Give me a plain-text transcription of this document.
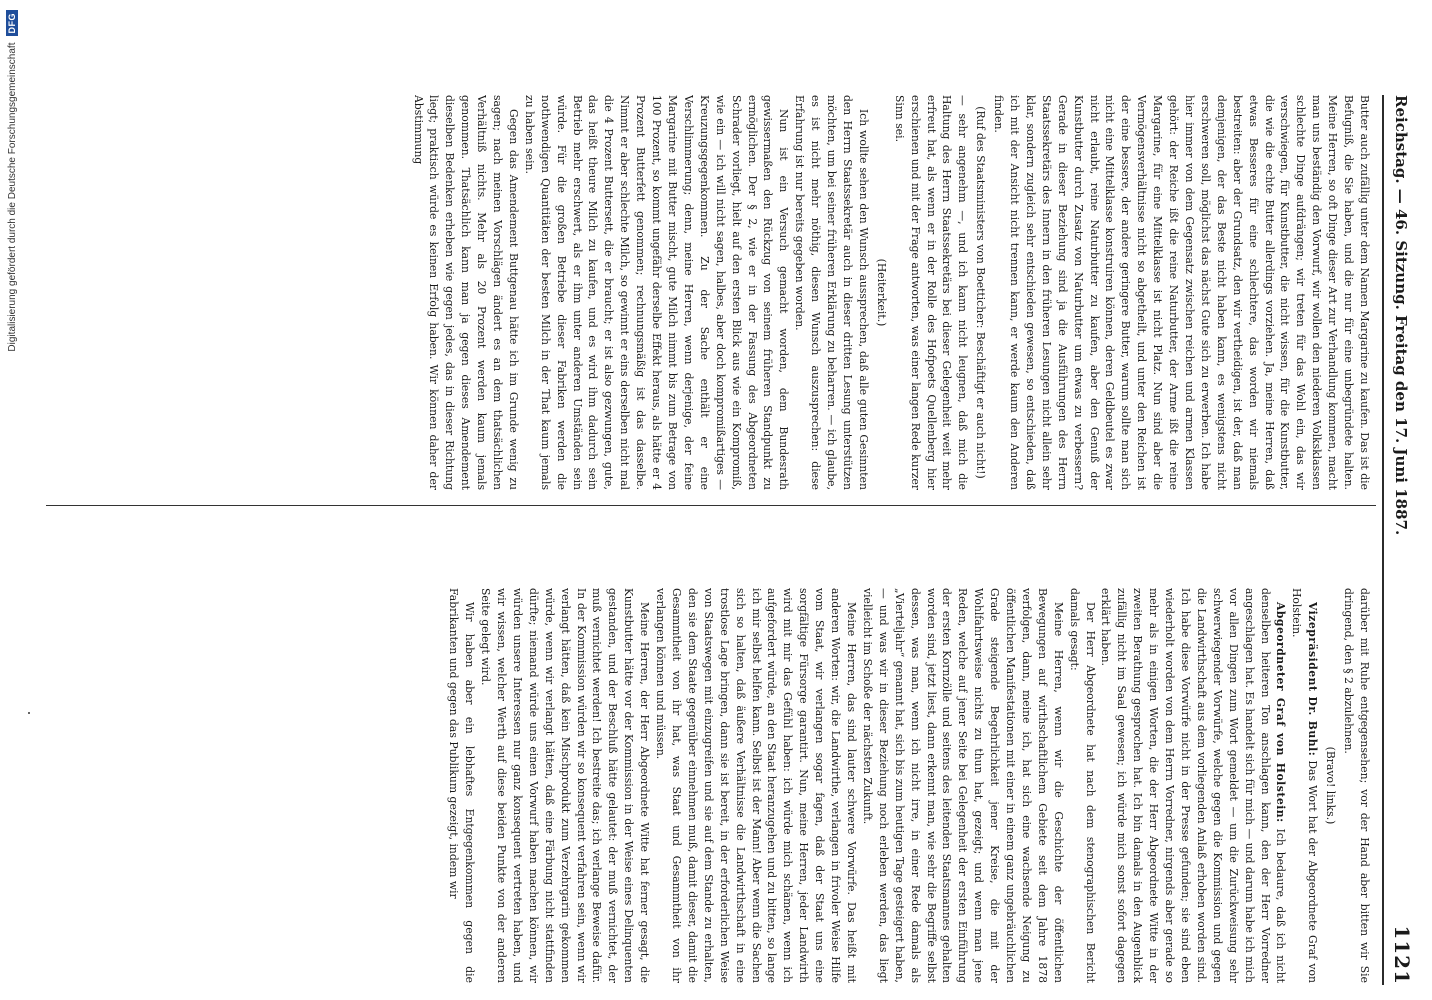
Digitalisierung gefördert durch die Deutsche Forschungsgemeinschaft
DFG
Reichstag. — 46. Sitzung. Freitag den 17. Juni 1887.
1121

Butter auch zufällig unter dem Namen Margarine zu kaufen. Das ist die Befugniß, die Sie haben, und die nur für eine unbegründete halten. Meine Herren, so oft Dinge dieser Art zur Verhandlung kommen, macht man uns beständig den Vorwurf, wir wollen den niederen Volksklassen schlechte Dinge aufdrängen; wir treten für das Wohl ein, das wir verschwiegen, für Kunstbutter, die nicht wissen, für die Kunstbutter, die wie die echte Butter allerdings vorziehen. Ja, meine Herren, daß etwas Besseres für eine schlechtere, das worden wir niemals bestreiten: aber der Grundsatz, den wir vertheidigen, ist der, daß man demjenigen, der das Beste nicht haben kann, es wenigstens nicht erschweren soll, möglichst das nächst Gute sich zu erwerben. Ich habe hier immer von dem Gegensatz zwischen reichen und armen Klassen gehört: der Reiche ißt die reine Naturbutter, der Arme ißt die reine Margarine, für eine Mittelklasse ist nicht Platz. Nun sind aber die Vermögensverhältnisse nicht so abgetheilt, und unter den Reichen ist der eine bessere, der andere geringere Butter, warum sollte man sich nicht eine Mittelklasse konstruiren können, deren Geldbeutel es zwar nicht erlaubt, reine Naturbutter zu kaufen, aber den Genuß der Kunstbutter durch Zusatz von Naturbutter um etwas zu verbessern? Gerade in dieser Beziehung sind ja die Ausführungen des Herrn Staatssekretärs des Innern in den früheren Lesungen nicht allein sehr klar, sondern zugleich sehr entschieden gewesen, so entschieden, daß ich mit der Ansicht nicht trennen kann, er werde kaum den Anderen finden.

(Ruf des Staatsministers von Boetticher: Beschäftigt er auch nicht!)

— sehr angenehm —, und ich kann nicht leugnen, daß mich die Haltung des Herrn Staatssekretärs bei dieser Gelegenheit weit mehr erfreut hat, als wenn er in der Rolle des Hofpoets Quellenberg hier erschienen und mit der Frage antworten, was einer langen Rede kurzer Sinn sei.

(Heiterkeit.)

Ich wollte sehen den Wunsch aussprechen, daß alle guten Gesinnten den Herrn Staatssekretär auch in dieser dritten Lesung unterstützen möchten, um bei seiner früheren Erklärung zu beharren. — ich glaube, es ist nicht mehr nöthig, diesen Wunsch auszusprechen: diese Erfahrung ist nur bereits gegeben worden.

Nun ist ein Versuch gemacht worden, dem Bundesrath gewissermaßen den Rückzug von seinem früheren Standpunkt zu ermöglichen. Der § 2, wie er in der Fassung des Abgeordneten Schrader vorliegt, hielt auf den ersten Blick aus wie ein Kompromiß, wie ein — ich will nicht sagen, halbes, aber doch kompromißartiges — Kreuzungsgegenkommen. Zu der Sache enthält er eine Verschlimmerung; denn, meine Herren, wenn derjenige, der feine Margarine mit Butter mischt, gute Milch nimmt bis zum Betrage von 100 Prozent, so kommt ungefähr derselbe Effekt heraus, als hätte er 4 Prozent Butterfett genommen; rechnungsmäßig ist das dasselbe. Nimmt er aber schlechte Milch, so gewinnt er eins derselben nicht mal die 4 Prozent Buttersett, die er braucht; er ist also gezwungen, gute, das heißt theure Milch zu kaufen, und es wird ihm dadurch sein Betrieb mehr erschwert, als er ihm unter anderen Umständen sein würde. Für die großen Betriebe dieser Fabriken werden die nothwendigen Quantitäten der besten Milch in der That kaum jemals zu haben sein.

Gegen das Amendement Buttgenau hätte ich im Grunde wenig zu sagen; nach meinen Vorschlägen ändert es an dem thatsächlichen Verhältniß nichts. Mehr als 20 Prozent werden kaum jemals genommen. Thatsächlich kann man ja gegen dieses Amendement dieselben Bedenken erheben wie gegen jedes, das in dieser Richtung liegt; praktisch würde es keinen Erfolg haben. Wir können daher der Abstimmung

darüber mit Ruhe entgegensehen; vor der Hand aber bitten wir Sie dringend, den § 2 abzulehnen.

(Bravo! links.)

Vizepräsident Dr. Buhl: Das Wort hat der Abgeordnete Graf von Holstein.

Abgeordneter Graf von Holstein: Ich bedaure, daß ich nicht denselben heiteren Ton anschlagen kann, den der Herr Vorredner angeschlagen hat. Es handelt sich für mich — und darum habe ich mich vor allen Dingen zum Wort gemeldet — um die Zurückweisung sehr schwerwiegender Vorwürfe, welche gegen die Kommission und gegen die Landwirthschaft aus dem vorliegenden Anlaß erhoben worden sind. Ich habe diese Vorwürfe nicht in der Presse gefunden; sie sind eben wiederholt worden von dem Herrn Vorredner, nirgends aber gerade so mehr als in einigen Worten, die der Herr Abgeordnete Witte in der zweiten Berathung gesprochen hat. Ich bin damals in den Augenblick zufällig nicht im Saal gewesen; ich würde mich sonst sofort dagegen erklärt haben.

Der Herr Abgeordnete hat nach dem stenographischen Bericht damals gesagt:

Meine Herren, wenn wir die Geschichte der öffentlichen Bewegungen auf wirthschaftlichem Gebiete seit dem Jahre 1878 verfolgen, dann, meine ich, hat sich eine wachsende Neigung zu öffentlichen Manifestationen mit einer in einem ganz ungebräuchlichen Grade steigende Begehrlichkeit jener Kreise, die mit der Wohlfahrtsweise nichts zu thun hat, gezeigt; und wenn man jene Reden, welche auf jener Seite bei Gelegenheit der ersten Einführung der ersten Kornzölle und seitens des leitenden Staatsmannes gehalten worden sind, jetzt liest, dann erkennt man, wie sehr die Begriffe selbst dessen, was man, wenn ich nicht irre, in einer Rede damals als „Vierteljahr“ genannt hat, sich bis zum heutigen Tage gesteigert haben, — und was wir in dieser Beziehung noch erleben werden, das liegt vielleicht im Schoße der nächsten Zukunft.

Meine Herren, das sind lauter schwere Vorwürfe. Das heißt mit anderen Worten: wir, die Landwirthe, verlangen in frivoler Weise Hilfe vom Staat, wir verlangen sogar fagen, daß der Staat uns eine sorgfältige Fürsorge garantirt. Nun, meine Herren, jeder Landwirth wird mit mir das Gefühl haben: ich würde mich schämen, wenn ich aufgefordert würde, an den Staat heranzugehen und zu bitten, so lange ich mir selbst helfen kann. Selbst ist der Mann! Aber wenn die Sachen sich so halten, daß äußere Verhältnisse die Landwirthschaft in eine trostlose Lage bringen, dann sie ist bereit, in der erforderlichen Weise von Staatswegen mit einzugreifen und sie auf dem Stande zu erhalten, den sie dem Staate gegenüber einnehmen muß, damit dieser, damit die Gesammtheit von ihr hat, was Staat und Gesammtheit von ihr verlangen können und müssen.

Meine Herren, der Herr Abgeordnete Witte hat ferner gesagt, die Kunstbutter hätte vor der Kommission in der Weise eines Delinquenten gestanden, und der Beschluß hätte gelautet: der muß vernichtet, der muß vernichtet werden! Ich bestreite das; ich verlange Beweise dafür. In der Kommission würden wir so konsequent verfahren sein, wenn wir verlangt hätten, daß kein Mischprodukt zum Verzehrgarin gekommen würde, wenn wir verlangt hätten, daß eine Färbung nicht stattfinden dürfte; niemand würde uns einen Vorwurf haben machen können, wir würden unsere Interessen nur ganz konsequent vertreten haben, und wir wissen, welcher Werth auf diese beiden Punkte von der anderen Seite gelegt wird.

Wir haben aber ein lebhaftes Entgegenkommen gegen die Fabrikanten und gegen das Publikum gezeigt, indem wir
